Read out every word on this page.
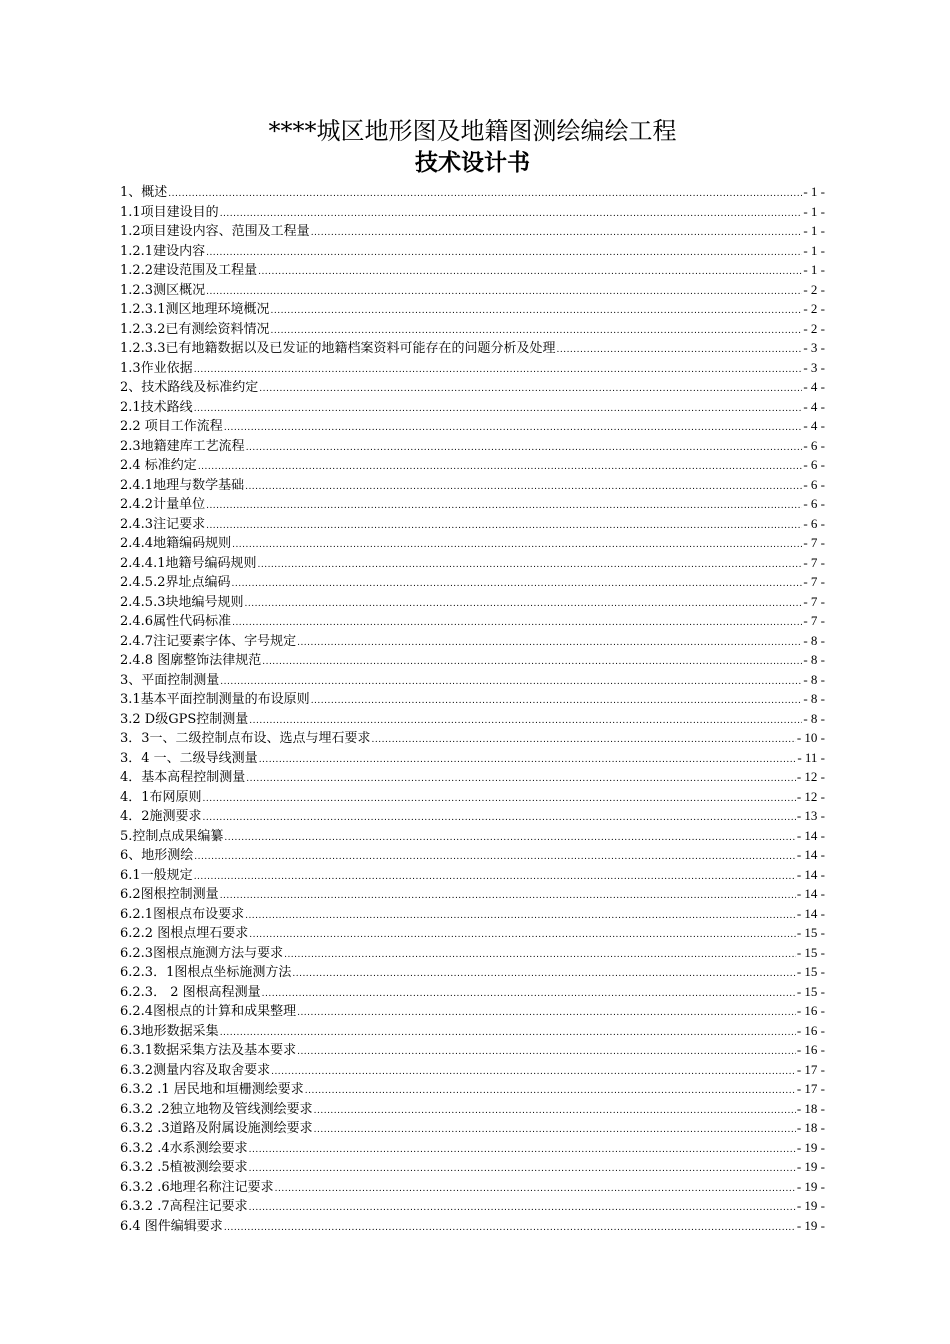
****城区地形图及地籍图测绘编绘工程
技术设计书
1、概述 .....	- 1 -
1.1项目建设目的 .....	- 1 -
1.2项目建设内容、范围及工程量 .....	- 1 -
1.2.1建设内容 .....	- 1 -
1.2.2建设范围及工程量 .....	- 1 -
1.2.3测区概况 .....	- 2 -
1.2.3.1测区地理环境概况 .....	- 2 -
1.2.3.2已有测绘资料情况 .....	- 2 -
1.2.3.3已有地籍数据以及已发证的地籍档案资料可能存在的问题分析及处理 .....	- 3 -
1.3作业依据 .....	- 3 -
2、技术路线及标准约定 .....	- 4 -
2.1技术路线 .....	- 4 -
2.2 项目工作流程 .....	- 4 -
2.3地籍建库工艺流程 .....	- 6 -
2.4 标准约定 .....	- 6 -
2.4.1地理与数学基础 .....	- 6 -
2.4.2计量单位 .....	- 6 -
2.4.3注记要求 .....	- 6 -
2.4.4地籍编码规则 .....	- 7 -
2.4.4.1地籍号编码规则 .....	- 7 -
2.4.5.2界址点编码 .....	- 7 -
2.4.5.3块地编号规则 .....	- 7 -
2.4.6属性代码标准 .....	- 7 -
2.4.7注记要素字体、字号规定 .....	- 8 -
2.4.8 图廓整饰法律规范 .....	- 8 -
3、平面控制测量 .....	- 8 -
3.1基本平面控制测量的布设原则 .....	- 8 -
3.2 D级GPS控制测量 .....	- 8 -
3．3一、二级控制点布设、选点与埋石要求 .....	- 10 -
3．4 一、二级导线测量 .....	- 11 -
4．基本高程控制测量 .....	- 12 -
4．1布网原则 .....	- 12 -
4．2施测要求 .....	- 13 -
5.控制点成果编纂 .....	- 14 -
6、地形测绘 .....	- 14 -
6.1一般规定 .....	- 14 -
6.2图根控制测量 .....	- 14 -
6.2.1图根点布设要求 .....	- 14 -
6.2.2 图根点埋石要求 .....	- 15 -
6.2.3图根点施测方法与要求 .....	- 15 -
6.2.3．1图根点坐标施测方法 .....	- 15 -
6.2.3． 2 图根高程测量 .....	- 15 -
6.2.4图根点的计算和成果整理 .....	- 16 -
6.3地形数据采集 .....	- 16 -
6.3.1数据采集方法及基本要求 .....	- 16 -
6.3.2测量内容及取舍要求 .....	- 17 -
6.3.2 .1 居民地和垣栅测绘要求 .....	- 17 -
6.3.2 .2独立地物及管线测绘要求 .....	- 18 -
6.3.2 .3道路及附属设施测绘要求 .....	- 18 -
6.3.2 .4水系测绘要求 .....	- 19 -
6.3.2 .5植被测绘要求 .....	- 19 -
6.3.2 .6地理名称注记要求 .....	- 19 -
6.3.2 .7高程注记要求 .....	- 19 -
6.4 图件编辑要求 .....	- 19 -
